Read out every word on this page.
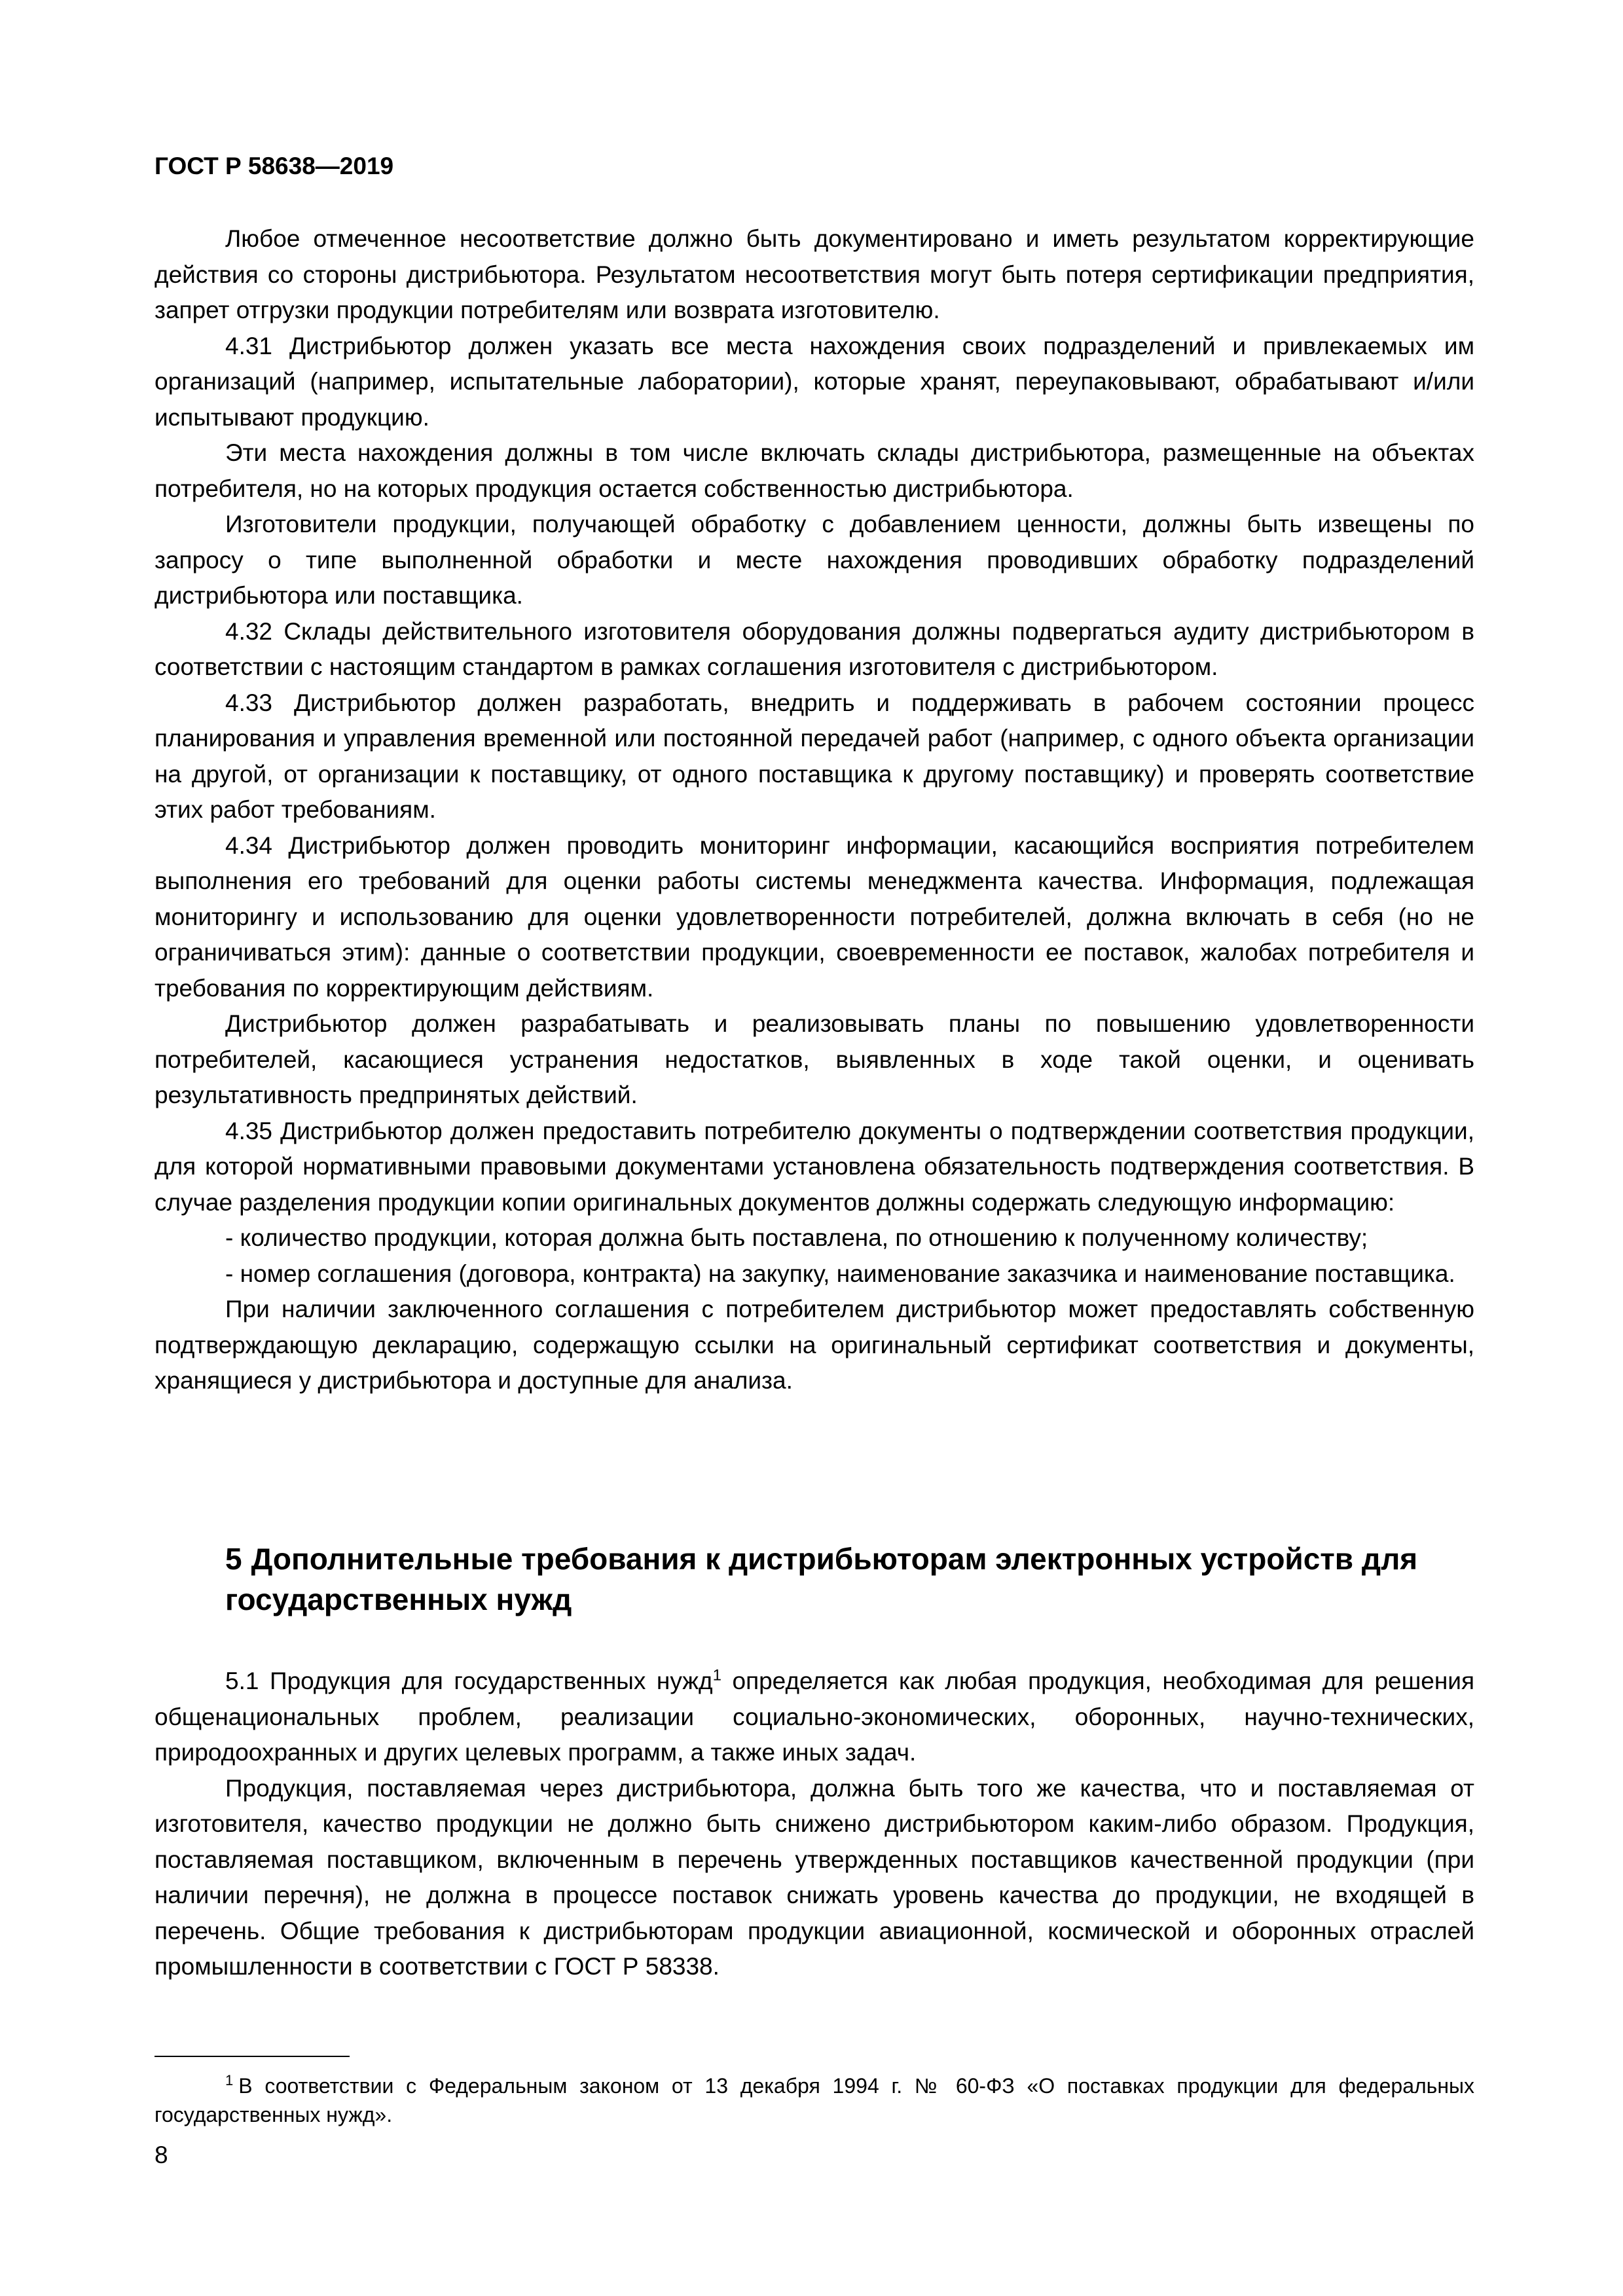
ГОСТ Р 58638—2019

Любое отмеченное несоответствие должно быть документировано и иметь результатом корректирующие действия со стороны дистрибьютора. Результатом несоответствия могут быть потеря сертификации предприятия, запрет отгрузки продукции потребителям или возврата изготовителю.

4.31 Дистрибьютор должен указать все места нахождения своих подразделений и привлекаемых им организаций (например, испытательные лаборатории), которые хранят, переупаковывают, обрабатывают и/или испытывают продукцию.

Эти места нахождения должны в том числе включать склады дистрибьютора, размещенные на объектах потребителя, но на которых продукция остается собственностью дистрибьютора.

Изготовители продукции, получающей обработку с добавлением ценности, должны быть извещены по запросу о типе выполненной обработки и месте нахождения проводивших обработку подразделений дистрибьютора или поставщика.

4.32 Склады действительного изготовителя оборудования должны подвергаться аудиту дистрибьютором в соответствии с настоящим стандартом в рамках соглашения изготовителя с дистрибьютором.

4.33 Дистрибьютор должен разработать, внедрить и поддерживать в рабочем состоянии процесс планирования и управления временной или постоянной передачей работ (например, с одного объекта организации на другой, от организации к поставщику, от одного поставщика к другому поставщику) и проверять соответствие этих работ требованиям.

4.34 Дистрибьютор должен проводить мониторинг информации, касающийся восприятия потребителем выполнения его требований для оценки работы системы менеджмента качества. Информация, подлежащая мониторингу и использованию для оценки удовлетворенности потребителей, должна включать в себя (но не ограничиваться этим): данные о соответствии продукции, своевременности ее поставок, жалобах потребителя и требования по корректирующим действиям.

Дистрибьютор должен разрабатывать и реализовывать планы по повышению удовлетворенности потребителей, касающиеся устранения недостатков, выявленных в ходе такой оценки, и оценивать результативность предпринятых действий.

4.35 Дистрибьютор должен предоставить потребителю документы о подтверждении соответствия продукции, для которой нормативными правовыми документами установлена обязательность подтверждения соответствия. В случае разделения продукции копии оригинальных документов должны содержать следующую информацию:

- количество продукции, которая должна быть поставлена, по отношению к полученному количеству;

- номер соглашения (договора, контракта) на закупку, наименование заказчика и наименование поставщика.

При наличии заключенного соглашения с потребителем дистрибьютор может предоставлять собственную подтверждающую декларацию, содержащую ссылки на оригинальный сертификат соответствия и документы, хранящиеся у дистрибьютора и доступные для анализа.

5 Дополнительные требования к дистрибьюторам электронных устройств для государственных нужд

5.1 Продукция для государственных нужд$^1$ определяется как любая продукция, необходимая для решения общенациональных проблем, реализации социально-экономических, оборонных, научно-технических, природоохранных и других целевых программ, а также иных задач.

Продукция, поставляемая через дистрибьютора, должна быть того же качества, что и поставляемая от изготовителя, качество продукции не должно быть снижено дистрибьютором каким-либо образом. Продукция, поставляемая поставщиком, включенным в перечень утвержденных поставщиков качественной продукции (при наличии перечня), не должна в процессе поставок снижать уровень качества до продукции, не входящей в перечень. Общие требования к дистрибьюторам продукции авиационной, космической и оборонных отраслей промышленности в соответствии с ГОСТ Р 58338.

$^1$ В соответствии с Федеральным законом от 13 декабря 1994 г. № 60-ФЗ «О поставках продукции для федеральных государственных нужд».
8
